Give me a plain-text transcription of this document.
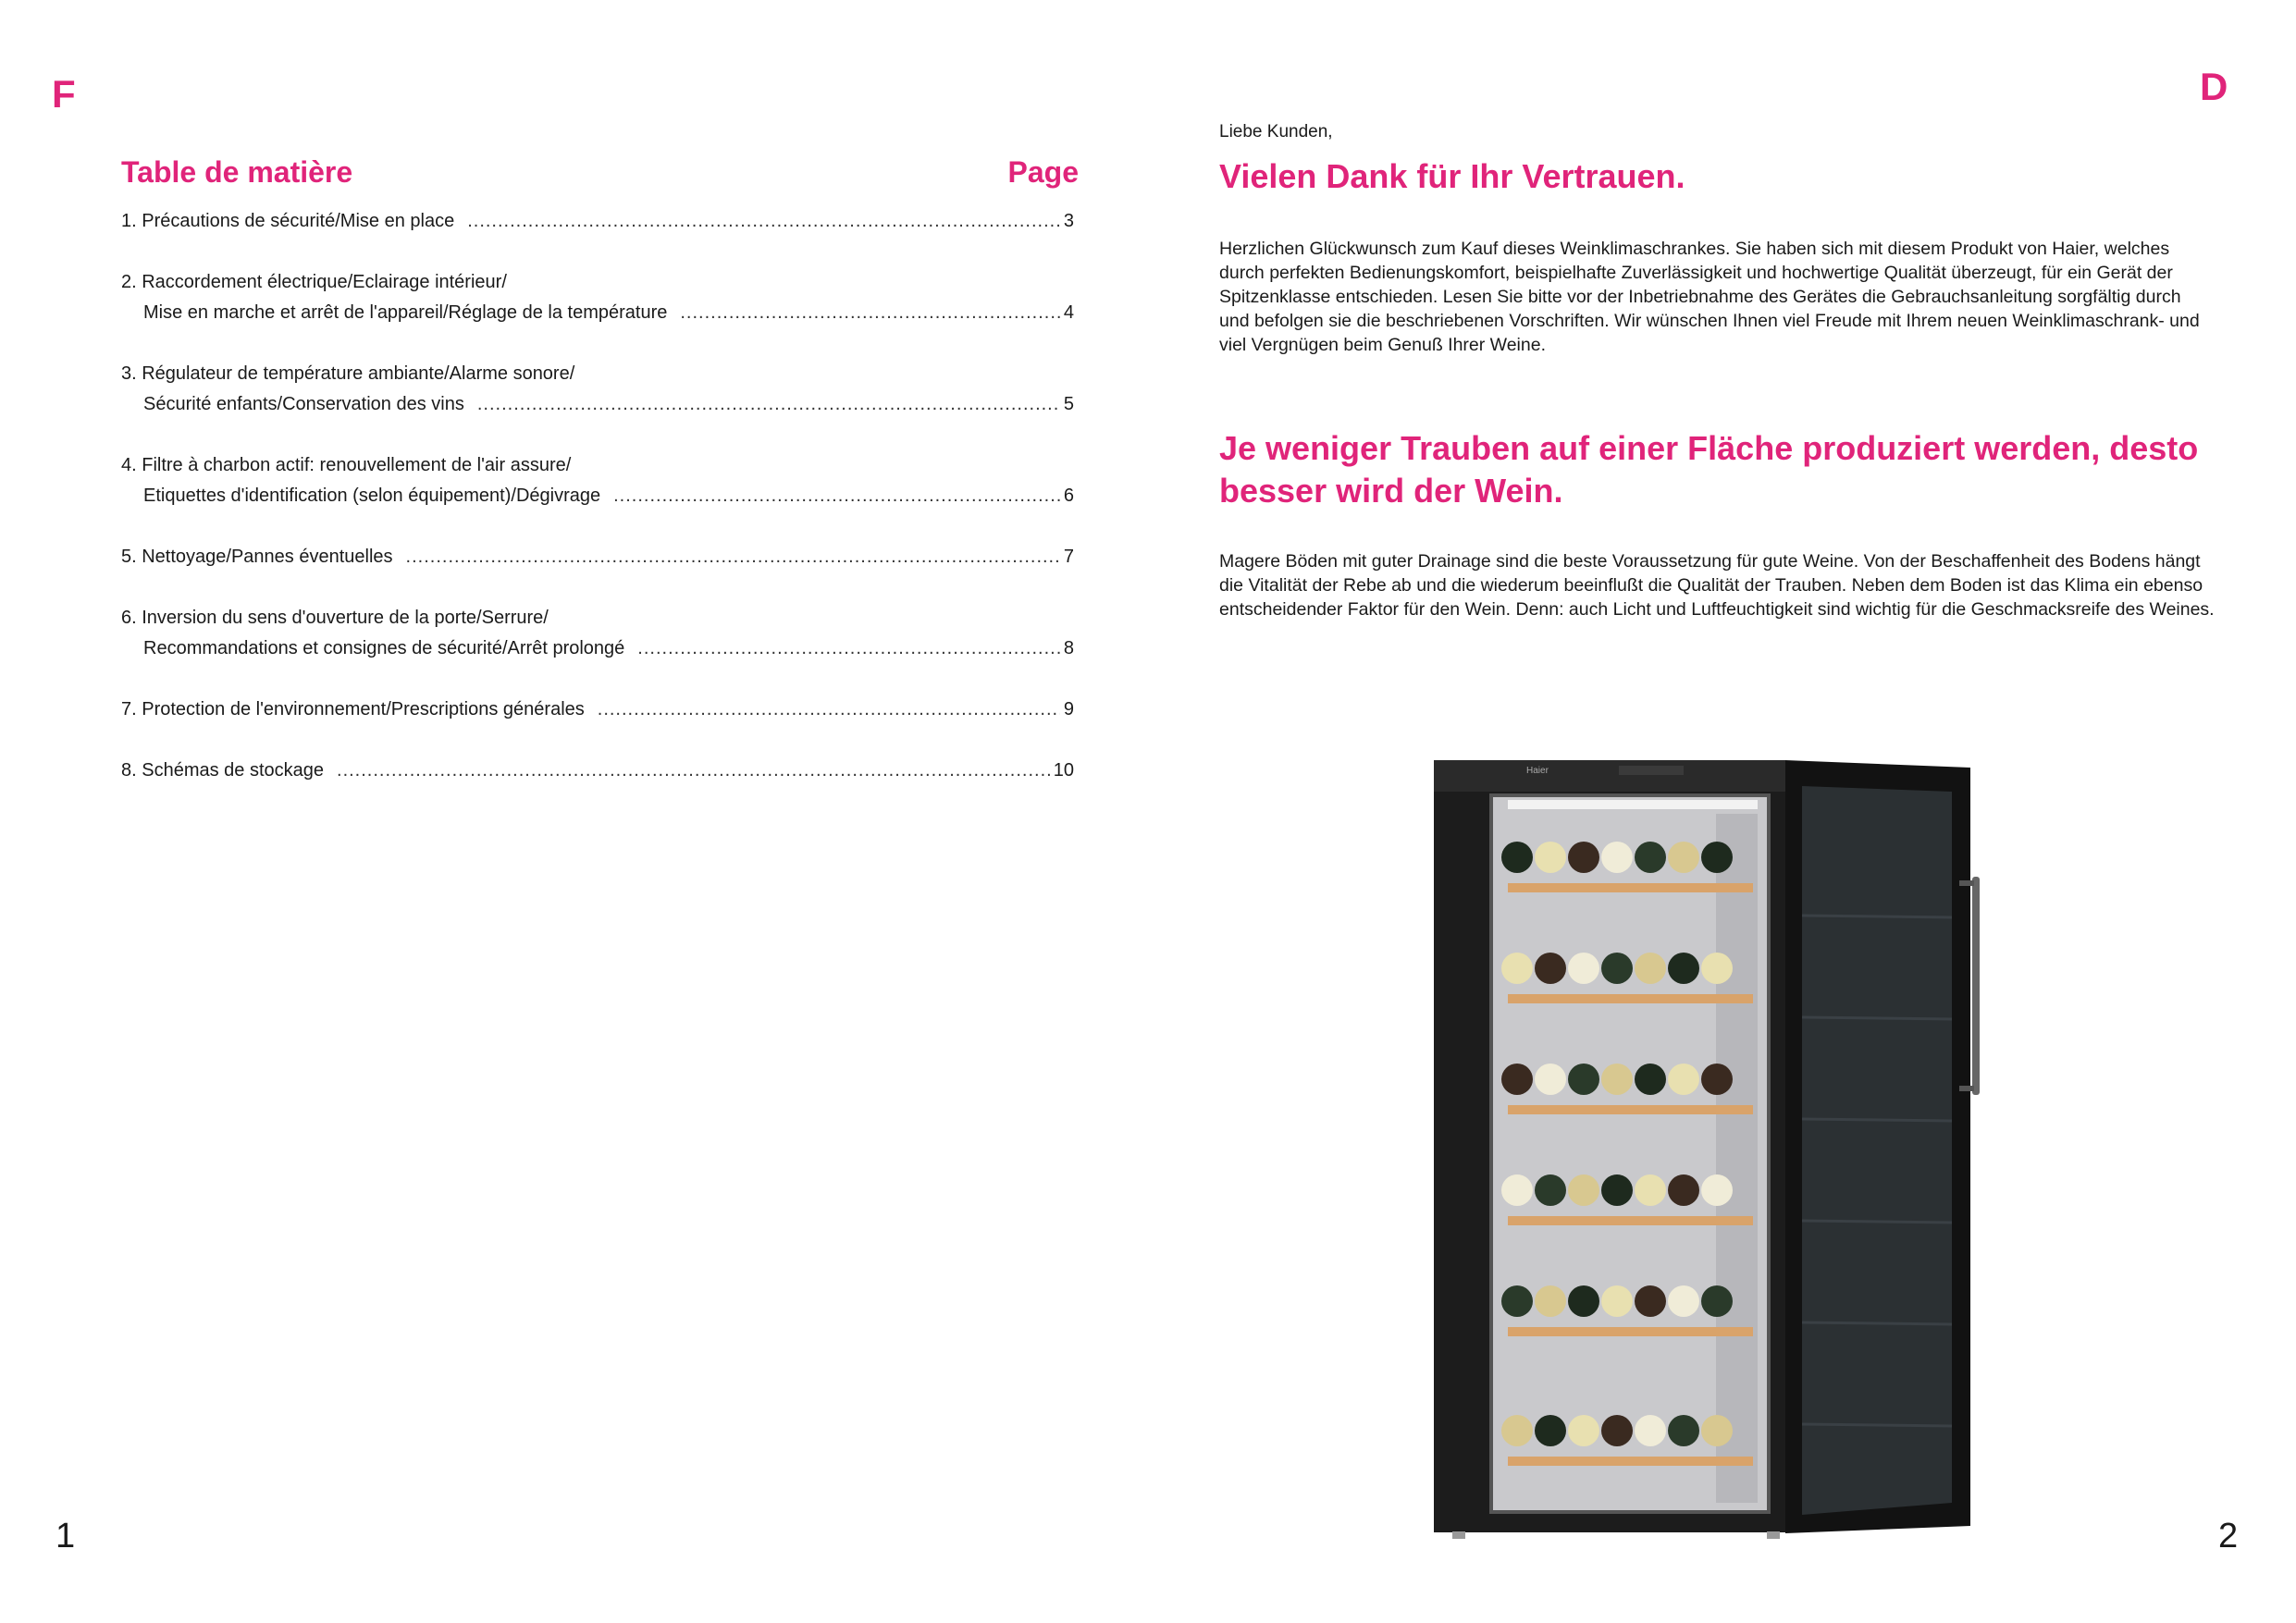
F
Table de matière	Page
1. Précautions de sécurité/Mise en place .....	3
2. Raccordement électrique/Eclairage intérieur/
Mise en marche et arrêt de l'appareil/Réglage de la température .....	4
3. Régulateur de température ambiante/Alarme sonore/
Sécurité enfants/Conservation des vins .....	5
4. Filtre à charbon actif: renouvellement de l'air assure/
Etiquettes d'identification (selon équipement)/Dégivrage .....	6
5. Nettoyage/Pannes éventuelles .....	7
6. Inversion du sens d'ouverture de la porte/Serrure/
Recommandations et consignes de sécurité/Arrêt prolongé .....	8
7. Protection de l'environnement/Prescriptions générales .....	9
8. Schémas de stockage .....	10
1
D
Liebe Kunden,
Vielen Dank für Ihr Vertrauen.
Herzlichen Glückwunsch zum Kauf dieses Weinklimaschrankes. Sie haben sich mit diesem Produkt von Haier, welches durch perfekten Bedienungskomfort, beispielhafte Zuverlässigkeit und hochwertige Qualität überzeugt, für ein Gerät der Spitzenklasse entschieden. Lesen Sie bitte vor der Inbetriebnahme des Gerätes die Gebrauchsanleitung sorgfältig durch und befolgen sie die beschriebenen Vorschriften. Wir wünschen Ihnen viel Freude mit Ihrem neuen Weinklimaschrank- und viel Vergnügen beim Genuß Ihrer Weine.
Je weniger Trauben auf einer Fläche produziert werden, desto besser wird der Wein.
Magere Böden mit guter Drainage sind die beste Voraussetzung für gute Weine. Von der Beschaffenheit des Bodens hängt die Vitalität der Rebe ab und die wiederum beeinflußt die Qualität der Trauben. Neben dem Boden ist das Klima ein ebenso entscheidender Faktor für den Wein. Denn: auch Licht und Luftfeuchtigkeit sind wichtig für die Geschmacksreife des Weines.
Haier
2
